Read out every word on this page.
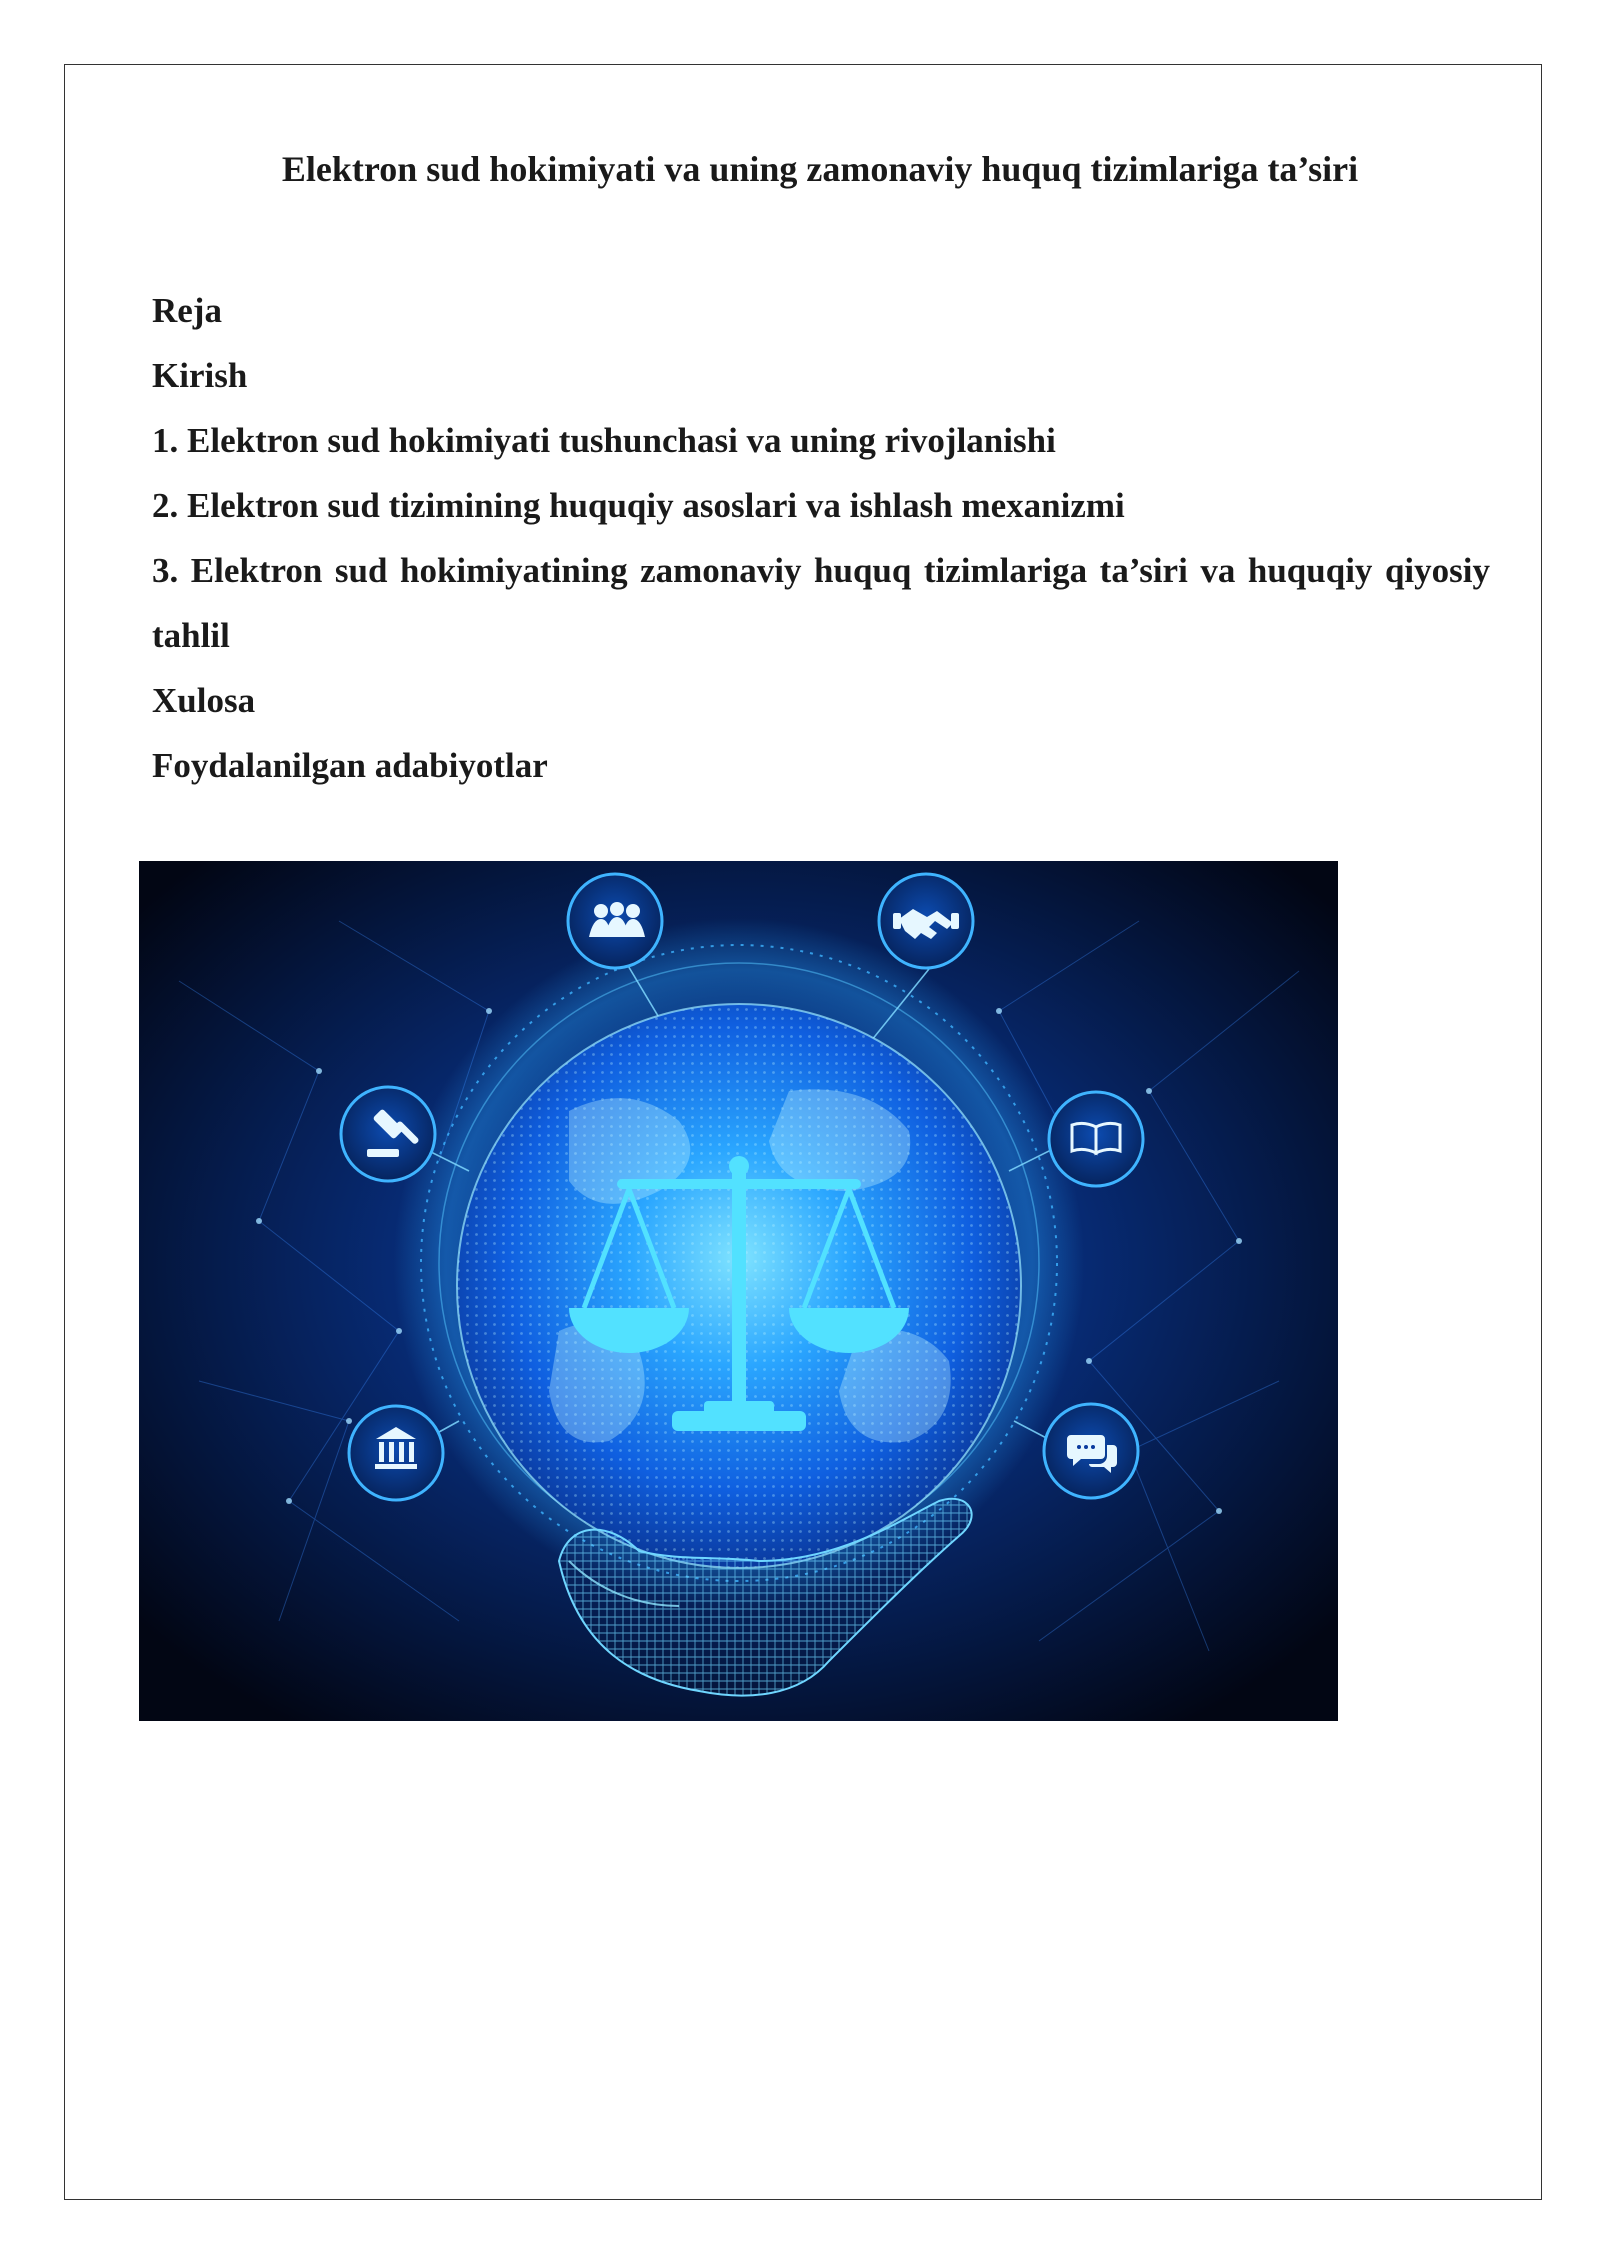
Elektron sud hokimiyati va uning zamonaviy huquq tizimlariga ta’siri

Reja

Kirish

1. Elektron sud hokimiyati tushunchasi va uning rivojlanishi

2. Elektron sud tizimining huquqiy asoslari va ishlash mexanizmi

3. Elektron sud hokimiyatining zamonaviy huquq tizimlariga ta’siri va huquqiy qiyosiy tahlil

Xulosa

Foydalanilgan adabiyotlar
